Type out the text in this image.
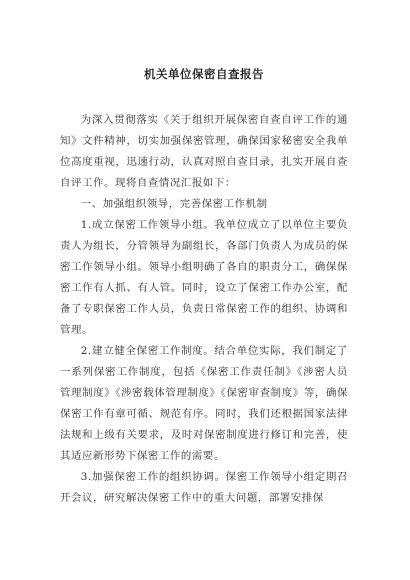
机关单位保密自查报告

为深入贯彻落实《关于组织开展保密自查自评工作的通知》文件精神，切实加强保密管理，确保国家秘密安全我单位高度重视，迅速行动，认真对照自查目录，扎实开展自查自评工作。现将自查情况汇报如下：

一、加强组织领导，完善保密工作机制

1.成立保密工作领导小组。我单位成立了以单位主要负责人为组长，分管领导为副组长，各部门负责人为成员的保密工作领导小组。领导小组明确了各自的职责分工，确保保密工作有人抓、有人管。同时，设立了保密工作办公室，配备了专职保密工作人员，负责日常保密工作的组织、协调和管理。

2.建立健全保密工作制度。结合单位实际，我们制定了一系列保密工作制度，包括《保密工作责任制》《涉密人员管理制度》《涉密载体管理制度》《保密审查制度》等，确保保密工作有章可循、规范有序。同时，我们还根据国家法律法规和上级有关要求，及时对保密制度进行修订和完善，使其适应新形势下保密工作的需要。

3.加强保密工作的组织协调。保密工作领导小组定期召开会议，研究解决保密工作中的重大问题，部署安排保
